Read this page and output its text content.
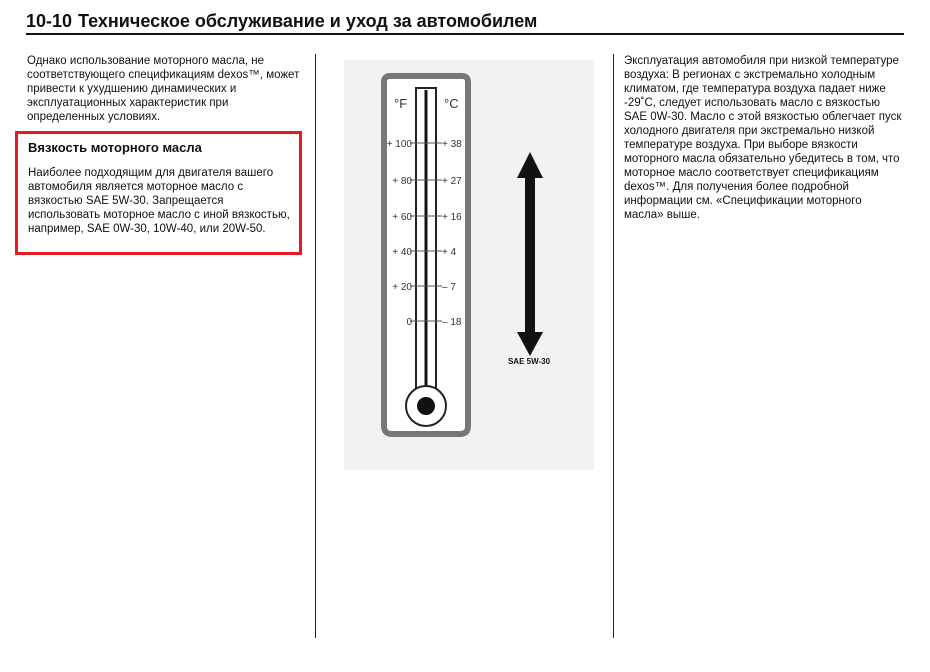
10-10 Техническое обслуживание и уход за автомобилем

Однако использование моторного масла, не соответствующего спецификациям dexos™, может привести к ухудшению динамических и эксплуатационных характеристик при определенных условиях.

Вязкость моторного масла

Наиболее подходящим для двигателя вашего автомобиля является моторное масло с вязкостью SAE 5W-30. Запрещается использовать моторное масло с иной вязкостью, например, SAE 0W-30, 10W-40, или 20W-50.

°F	°C
+ 100
+ 80
+ 60
+ 40
+ 20
0
+ 38
+ 27
+ 16
+ 4
– 7
– 18
SAE 5W-30

Эксплуатация автомобиля при низкой температуре воздуха: В регионах с экстремально холодным климатом, где температура воздуха падает ниже -29˚C, следует использовать масло с вязкостью SAE 0W-30. Масло с этой вязкостью облегчает пуск холодного двигателя при экстремально низкой температуре воздуха. При выборе вязкости моторного масла обязательно убедитесь в том, что моторное масло соответствует спецификациям dexos™. Для получения более подробной информации см. «Спецификации моторного масла» выше.
